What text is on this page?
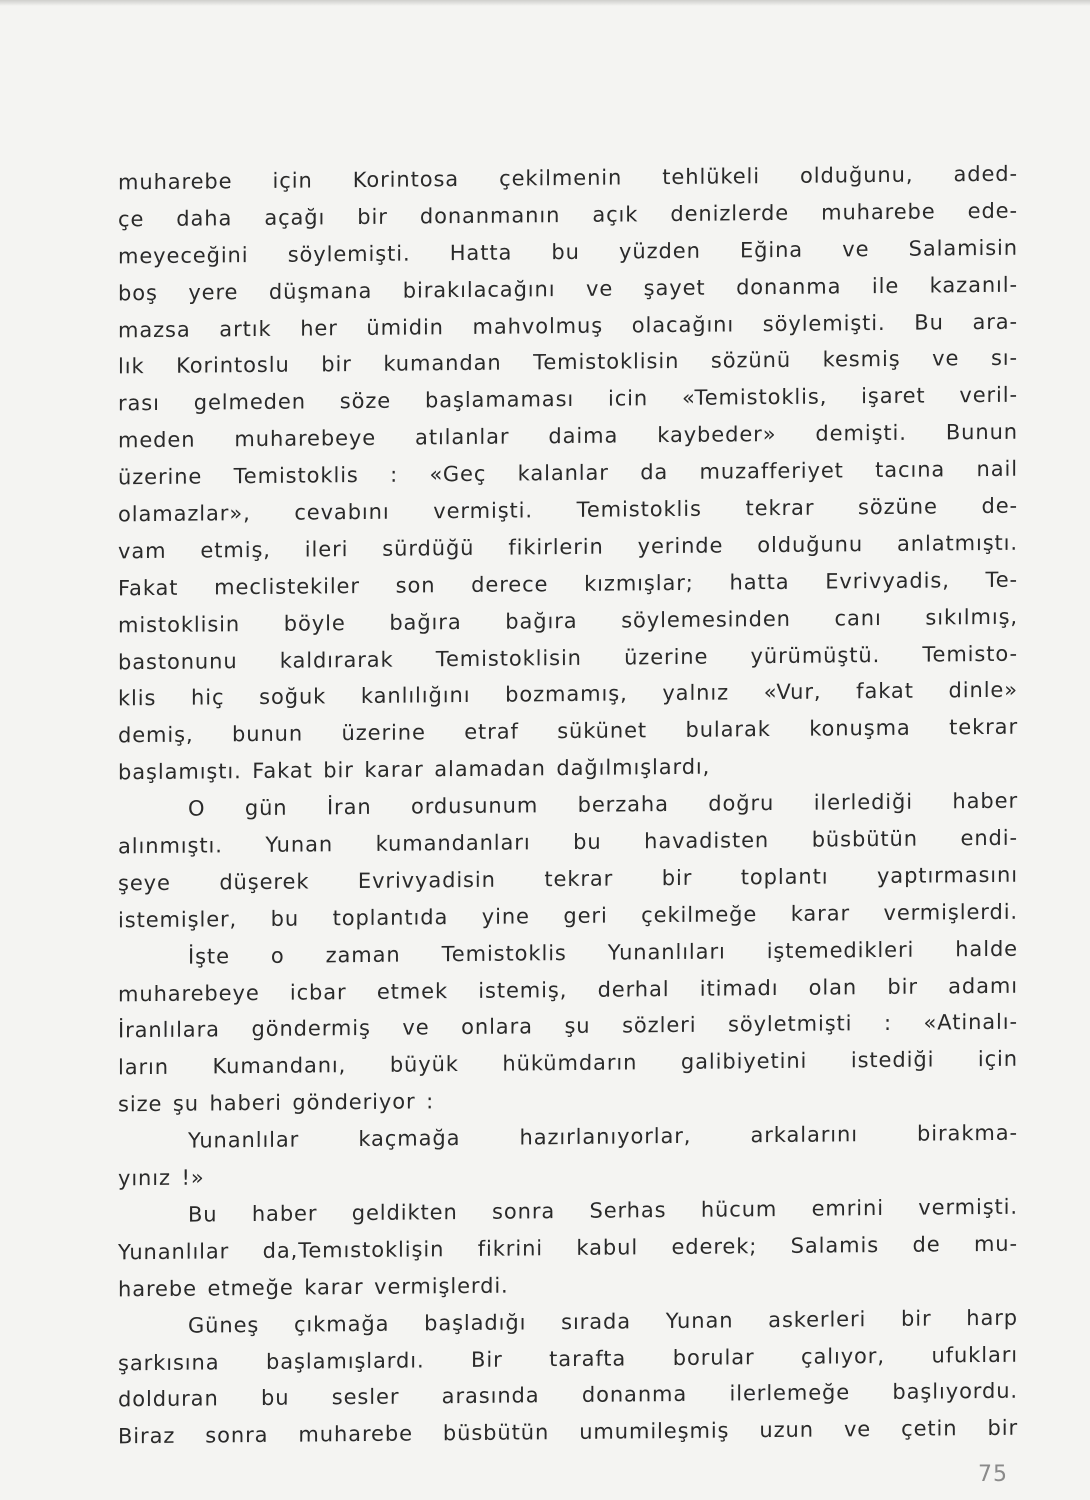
muharebe için Korintosa çekilmenin tehlükeli olduğunu, aded-
çe daha açağı bir donanmanın açık denizlerde muharebe ede-
meyeceğini söylemişti. Hatta bu yüzden Eğina ve Salamisin
boş yere düşmana birakılacağını ve şayet donanma ile kazanıl-
mazsa artık her ümidin mahvolmuş olacağını söylemişti. Bu ara-
lık Korintoslu bir kumandan Temistoklisin sözünü kesmiş ve sı-
rası gelmeden söze başlamaması icin «Temistoklis, işaret veril-
meden muharebeye atılanlar daima kaybeder» demişti. Bunun
üzerine Temistoklis : «Geç kalanlar da muzafferiyet tacına nail
olamazlar», cevabını vermişti. Temistoklis tekrar sözüne de-
vam etmiş, ileri sürdüğü fikirlerin yerinde olduğunu anlatmıştı.
Fakat meclistekiler son derece kızmışlar; hatta Evrivyadis, Te-
mistoklisin böyle bağıra bağıra söylemesinden canı sıkılmış,
bastonunu kaldırarak Temistoklisin üzerine yürümüştü. Temisto-
klis hiç soğuk kanlılığını bozmamış, yalnız «Vur, fakat dinle»
demiş, bunun üzerine etraf sükünet bularak konuşma tekrar
başlamıştı. Fakat bir karar alamadan dağılmışlardı,
O gün İran ordusunum berzaha doğru ilerlediği haber
alınmıştı. Yunan kumandanları bu havadisten büsbütün endi-
şeye düşerek Evrivyadisin tekrar bir toplantı yaptırmasını
istemişler, bu toplantıda yine geri çekilmeğe karar vermişlerdi.
İşte o zaman Temistoklis Yunanlıları iştemedikleri halde
muharebeye icbar etmek istemiş, derhal itimadı olan bir adamı
İranlılara göndermiş ve onlara şu sözleri söyletmişti : «Atinalı-
ların Kumandanı, büyük hükümdarın galibiyetini istediği için
size şu haberi gönderiyor :
Yunanlılar kaçmağa hazırlanıyorlar, arkalarını birakma-
yınız !»
Bu haber geldikten sonra Serhas hücum emrini vermişti.
Yunanlılar da,Temıstoklişin fikrini kabul ederek; Salamis de mu-
harebe etmeğe karar vermişlerdi.
Güneş çıkmağa başladığı sırada Yunan askerleri bir harp
şarkısına başlamışlardı. Bir tarafta borular çalıyor, ufukları
dolduran bu sesler arasında donanma ilerlemeğe başlıyordu.
Biraz sonra muharebe büsbütün umumileşmiş uzun ve çetin bir
75
